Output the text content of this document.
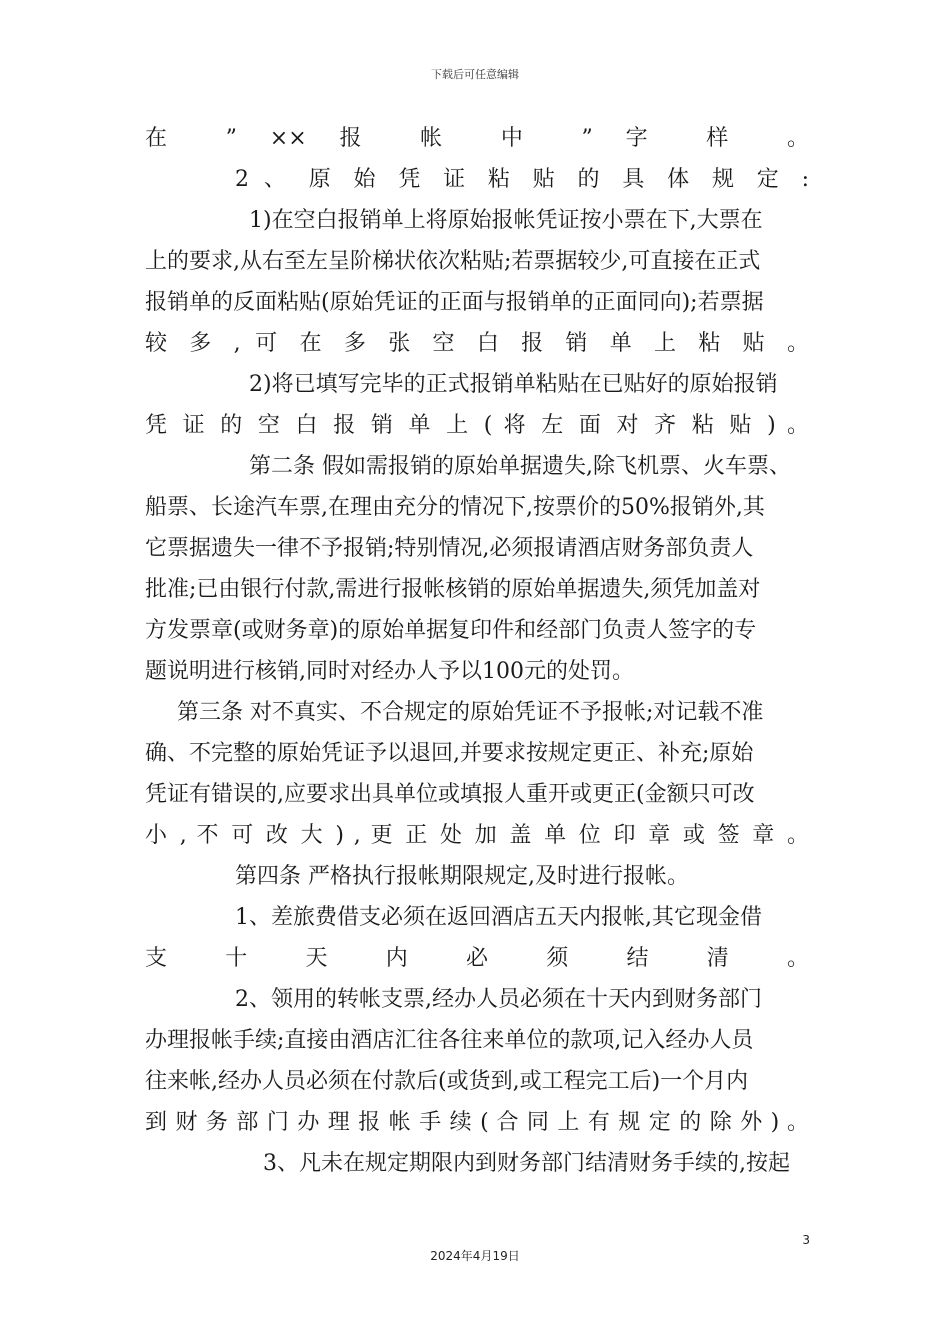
下载后可任意编辑
在 ” ×× 报 帐 中 ” 字 样 。
2 、 原 始 凭 证 粘 贴 的 具 体 规 定 :
1)在空白报销单上将原始报帐凭证按小票在下,大票在
上的要求,从右至左呈阶梯状依次粘贴;若票据较少,可直接在正式
报销单的反面粘贴(原始凭证的正面与报销单的正面同向);若票据
较 多 , 可 在 多 张 空 白 报 销 单 上 粘 贴 。
2)将已填写完毕的正式报销单粘贴在已贴好的原始报销
凭 证 的 空 白 报 销 单 上 ( 将 左 面 对 齐 粘 贴 ) 。
第二条 假如需报销的原始单据遗失,除飞机票、火车票、
船票、长途汽车票,在理由充分的情况下,按票价的50%报销外,其
它票据遗失一律不予报销;特别情况,必须报请酒店财务部负责人
批准;已由银行付款,需进行报帐核销的原始单据遗失,须凭加盖对
方发票章(或财务章)的原始单据复印件和经部门负责人签字的专
题说明进行核销,同时对经办人予以100元的处罚。
第三条 对不真实、不合规定的原始凭证不予报帐;对记载不准
确、不完整的原始凭证予以退回,并要求按规定更正、补充;原始
凭证有错误的,应要求出具单位或填报人重开或更正(金额只可改
小 , 不 可 改 大 ) , 更 正 处 加 盖 单 位 印 章 或 签 章 。
第四条 严格执行报帐期限规定,及时进行报帐。
1、差旅费借支必须在返回酒店五天内报帐,其它现金借
支 十 天 内 必 须 结 清 。
2、领用的转帐支票,经办人员必须在十天内到财务部门
办理报帐手续;直接由酒店汇往各往来单位的款项,记入经办人员
往来帐,经办人员必须在付款后(或货到,或工程完工后)一个月内
到 财 务 部 门 办 理 报 帐 手 续 ( 合 同 上 有 规 定 的 除 外 ) 。
3、凡未在规定期限内到财务部门结清财务手续的,按起
3
2024年4月19日
